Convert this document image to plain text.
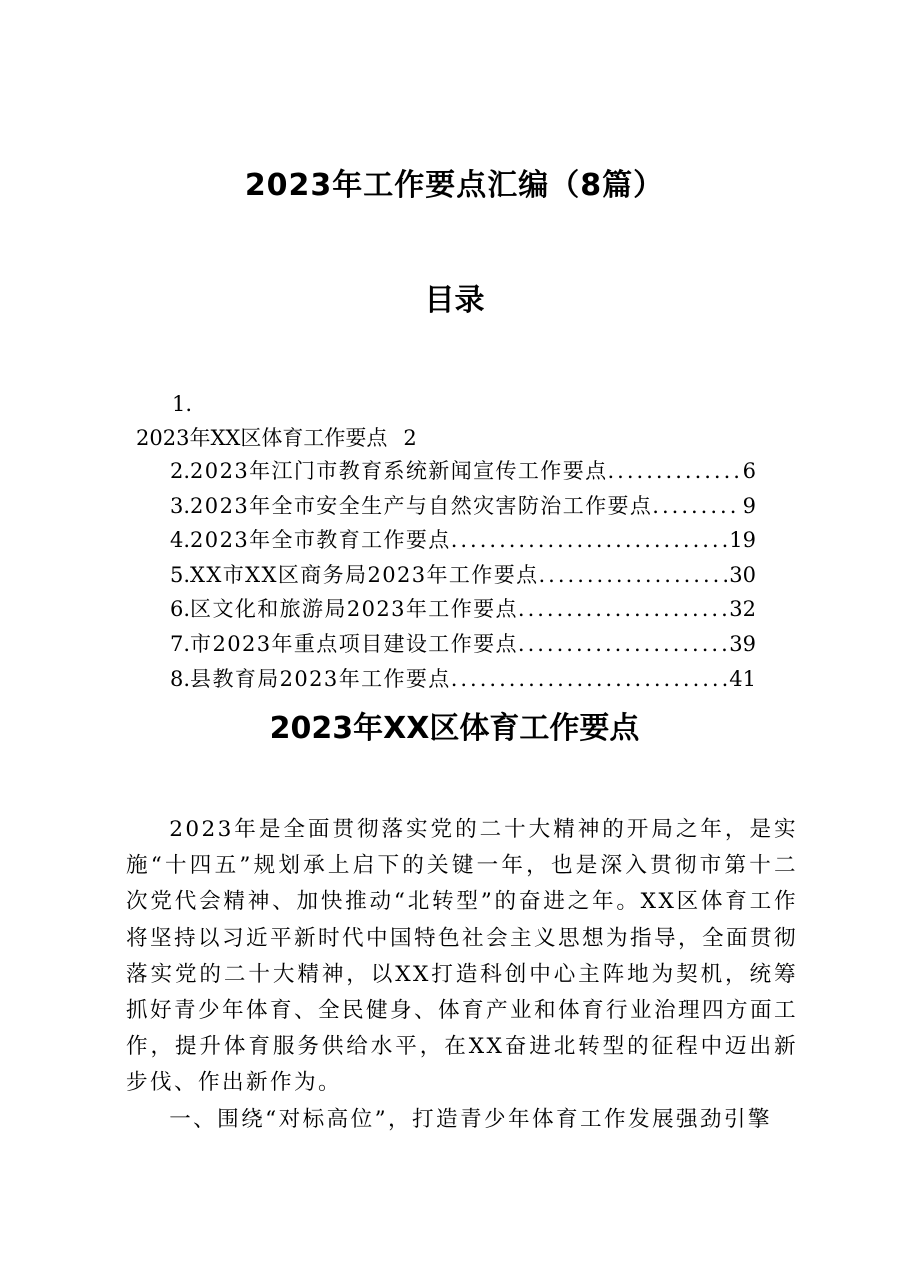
2023年工作要点汇编（8篇）
目录
1.
2023年XX区体育工作要点 2
2. 2023年江门市教育系统新闻宣传工作要点 .....	6
3. 2023年全市安全生产与自然灾害防治工作要点 .....	9
4. 2023年全市教育工作要点 .....	19
5. XX市XX区商务局2023年工作要点 .....	30
6. 区文化和旅游局2023年工作要点 .....	32
7. 市2023年重点项目建设工作要点 .....	39
8. 县教育局2023年工作要点 .....	41
2023年XX区体育工作要点

2023年是全面贯彻落实党的二十大精神的开局之年，是实施“十四五”规划承上启下的关键一年，也是深入贯彻市第十二次党代会精神、加快推动“北转型”的奋进之年。XX区体育工作将坚持以习近平新时代中国特色社会主义思想为指导，全面贯彻落实党的二十大精神，以XX打造科创中心主阵地为契机，统筹抓好青少年体育、全民健身、体育产业和体育行业治理四方面工作，提升体育服务供给水平，在XX奋进北转型的征程中迈出新步伐、作出新作为。

一、围绕“对标高位”，打造青少年体育工作发展强劲引擎
